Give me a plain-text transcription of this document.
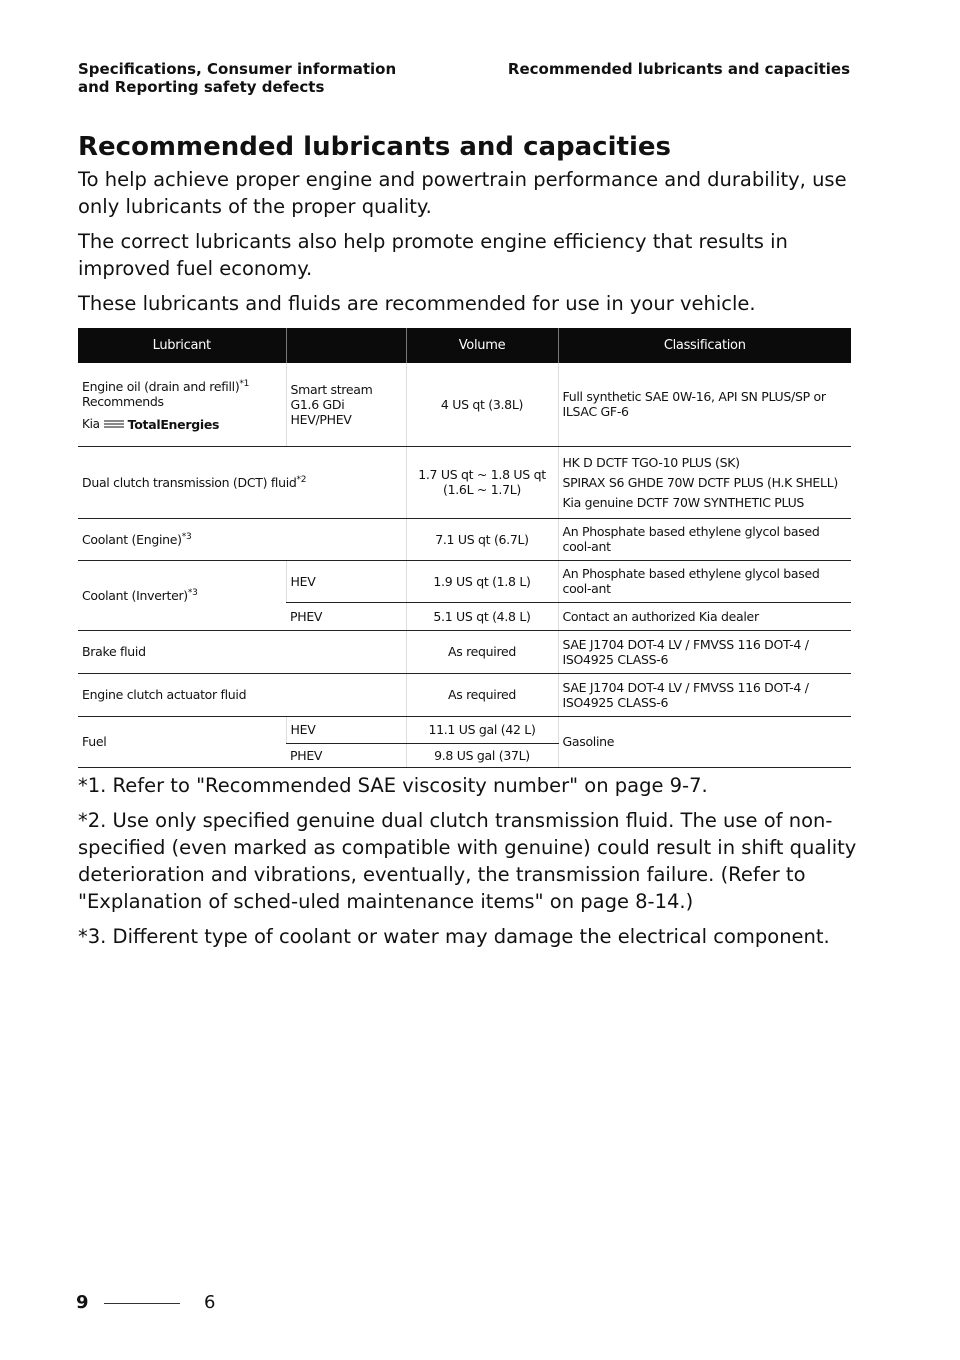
Specifications, Consumer information
and Reporting safety defects
Recommended lubricants and capacities
Recommended lubricants and capacities

To help achieve proper engine and powertrain performance and durability, use only lubricants of the proper quality.

The correct lubricants also help promote engine efficiency that results in improved fuel economy.

These lubricants and fluids are recommended for use in your vehicle.

Lubricant		Volume	Classification

Engine oil (drain and refill)$^{*1}$
Recommends
Kia TotalEnergies	Smart stream G1.6 GDi HEV/PHEV	4 US qt (3.8L)	Full synthetic SAE 0W-16, API SN PLUS/SP or ILSAC GF-6
Dual clutch transmission (DCT) fluid$^{*2}$		1.7 US qt ~ 1.8 US qt (1.6L ~ 1.7L)	HK D DCTF TGO-10 PLUS (SK)
SPIRAX S6 GHDE 70W DCTF PLUS (H.K SHELL)
Kia genuine DCTF 70W SYNTHETIC PLUS

Coolant (Engine)$^{*3}$		7.1 US qt (6.7L)	An Phosphate based ethylene glycol based cool-ant
Coolant (Inverter)$^{*3}$	HEV	1.9 US qt (1.8 L)	An Phosphate based ethylene glycol based cool-ant
	PHEV	5.1 US qt (4.8 L)	Contact an authorized Kia dealer
Brake fluid		As required	SAE J1704 DOT-4 LV / FMVSS 116 DOT-4 / ISO4925 CLASS-6
Engine clutch actuator fluid		As required	SAE J1704 DOT-4 LV / FMVSS 116 DOT-4 / ISO4925 CLASS-6
Fuel	HEV	11.1 US gal (42 L)	Gasoline
	PHEV	9.8 US gal (37L)	

*1. Refer to "Recommended SAE viscosity number" on page 9-7.

*2. Use only specified genuine dual clutch transmission fluid. The use of non-specified (even marked as compatible with genuine) could result in shift quality deterioration and vibrations, eventually, the transmission failure. (Refer to "Explanation of sched-uled maintenance items" on page 8-14.)

*3. Different type of coolant or water may damage the electrical component.

9	6
